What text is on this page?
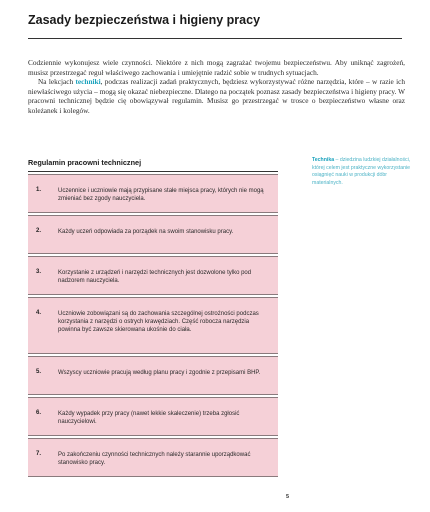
Zasady bezpieczeństwa i higieny pracy

Codziennie wykonujesz wiele czynności. Niektóre z nich mogą zagrażać twojemu bezpieczeństwu. Aby uniknąć zagrożeń, musisz przestrzegać reguł właściwego zachowania i umiejętnie radzić sobie w trudnych sytuacjach.

Na lekcjach techniki, podczas realizacji zadań praktycznych, będziesz wykorzystywać różne narzędzia, które – w razie ich niewłaściwego użycia – mogą się okazać niebezpieczne. Dlatego na początek poznasz zasady bezpieczeństwa i higieny pracy. W pracowni technicznej będzie cię obowiązywał regulamin. Musisz go przestrzegać w trosce o bezpieczeństwo własne oraz koleżanek i kolegów.

Regulamin pracowni technicznej
1.	Uczennice i uczniowie mają przypisane stałe miejsca pracy, których nie mogą zmieniać bez zgody nauczyciela.
2.	Każdy uczeń odpowiada za porządek na swoim stanowisku pracy.
3.	Korzystanie z urządzeń i narzędzi technicznych jest dozwolone tylko pod nadzorem nauczyciela.
4.	Uczniowie zobowiązani są do zachowania szczególnej ostrożności podczas korzystania z narzędzi o ostrych krawędziach. Część robocza narzędzia powinna być zawsze skierowana ukośnie do ciała.
5.	Wszyscy uczniowie pracują według planu pracy i zgodnie z przepisami BHP.
6.	Każdy wypadek przy pracy (nawet lekkie skaleczenie) trzeba zgłosić nauczycielowi.
7.	Po zakończeniu czynności technicznych należy starannie uporządkować stanowisko pracy.
Technika – dziedzina ludzkiej działalności, której celem jest praktyczne wykorzystanie osiągnięć nauki w produkcji dóbr materialnych.
5
